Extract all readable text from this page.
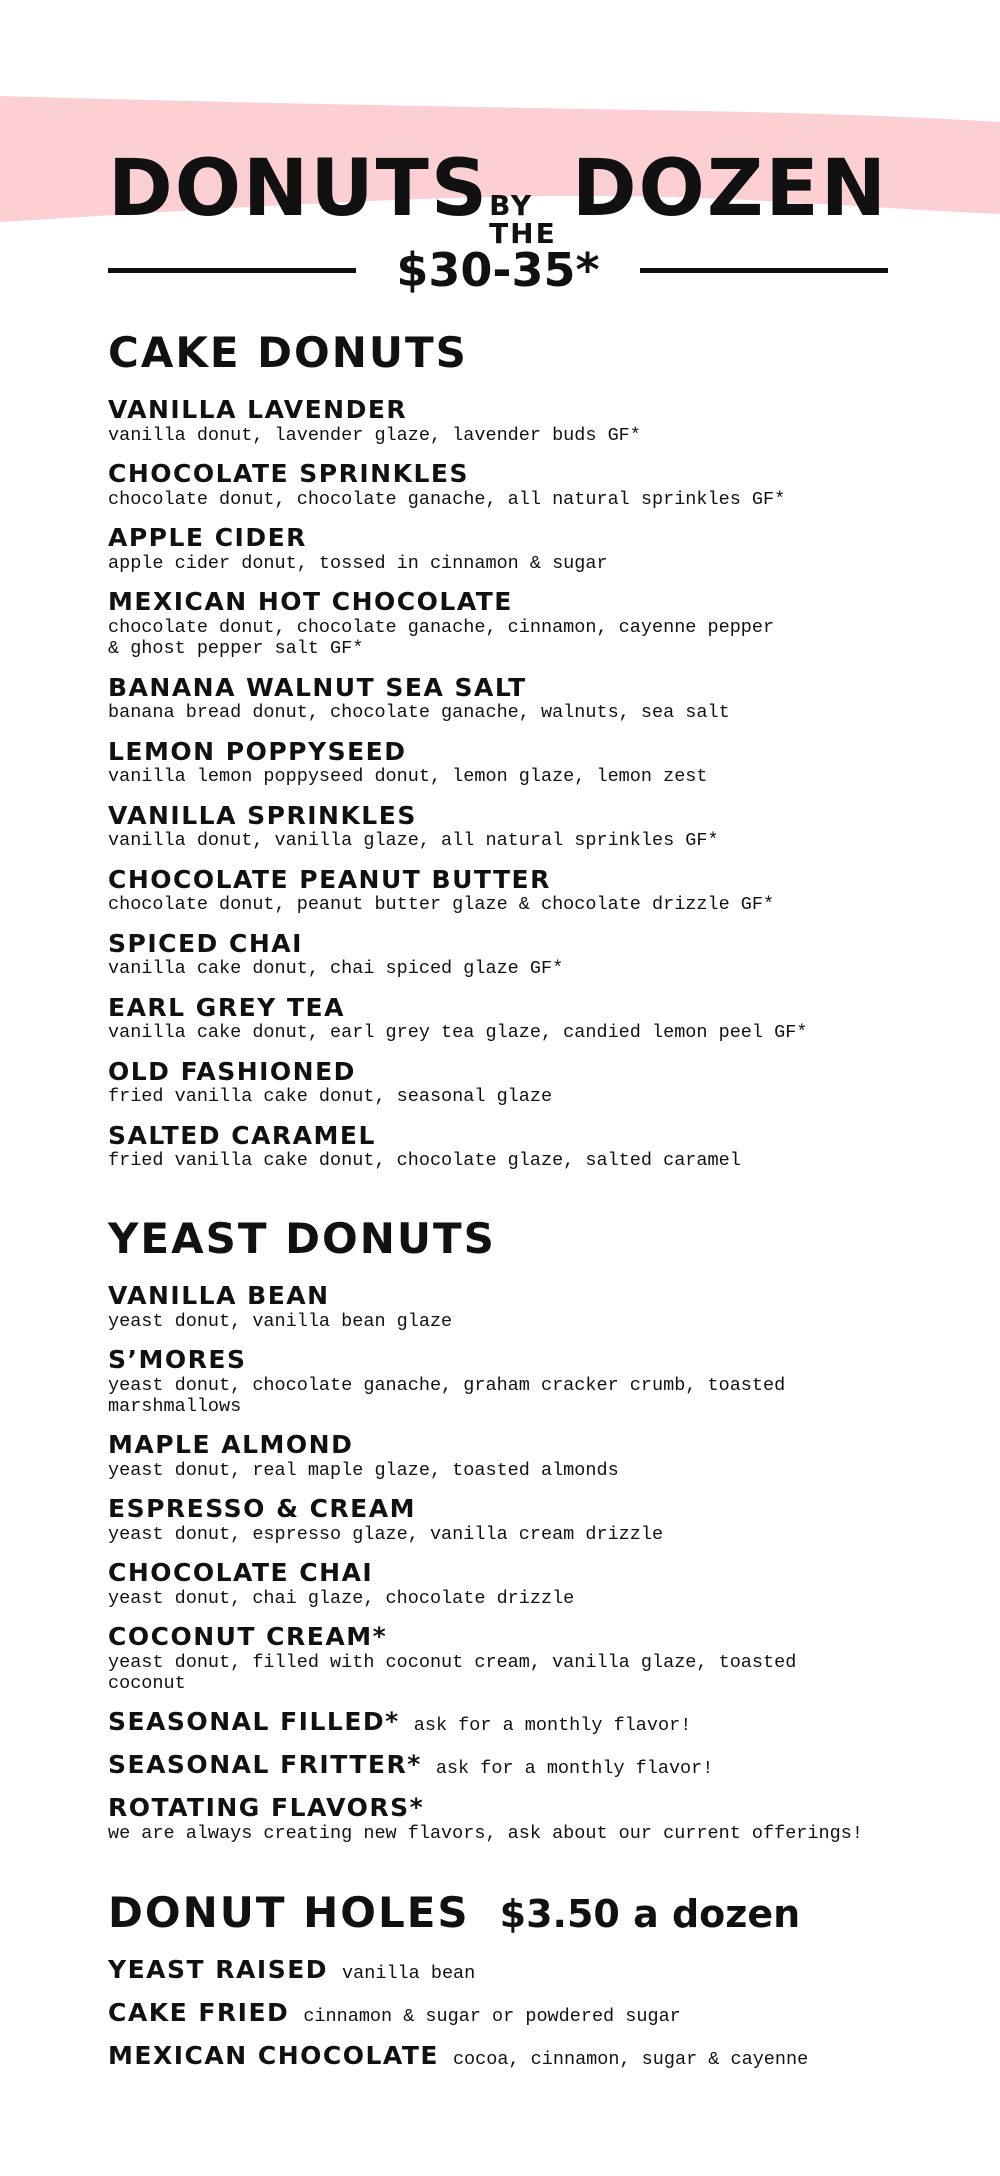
DONUTS BY THE DOZEN
$30-35*
CAKE DONUTS
VANILLA LAVENDER
vanilla donut, lavender glaze, lavender buds GF*
CHOCOLATE SPRINKLES
chocolate donut, chocolate ganache, all natural sprinkles GF*
APPLE CIDER
apple cider donut, tossed in cinnamon & sugar
MEXICAN HOT CHOCOLATE
chocolate donut, chocolate ganache, cinnamon, cayenne pepper
& ghost pepper salt GF*
BANANA WALNUT SEA SALT
banana bread donut, chocolate ganache, walnuts, sea salt
LEMON POPPYSEED
vanilla lemon poppyseed donut, lemon glaze, lemon zest
VANILLA SPRINKLES
vanilla donut, vanilla glaze, all natural sprinkles GF*
CHOCOLATE PEANUT BUTTER
chocolate donut, peanut butter glaze & chocolate drizzle GF*
SPICED CHAI
vanilla cake donut, chai spiced glaze GF*
EARL GREY TEA
vanilla cake donut, earl grey tea glaze, candied lemon peel GF*
OLD FASHIONED
fried vanilla cake donut, seasonal glaze
SALTED CARAMEL
fried vanilla cake donut, chocolate glaze, salted caramel
YEAST DONUTS
VANILLA BEAN
yeast donut, vanilla bean glaze
S’MORES
yeast donut, chocolate ganache, graham cracker crumb, toasted
marshmallows
MAPLE ALMOND
yeast donut, real maple glaze, toasted almonds
ESPRESSO & CREAM
yeast donut, espresso glaze, vanilla cream drizzle
CHOCOLATE CHAI
yeast donut, chai glaze, chocolate drizzle
COCONUT CREAM*
yeast donut, filled with coconut cream, vanilla glaze, toasted
coconut
SEASONAL FILLED* ask for a monthly flavor!
SEASONAL FRITTER* ask for a monthly flavor!
ROTATING FLAVORS*
we are always creating new flavors, ask about our current offerings!
DONUT HOLES $3.50 a dozen
YEAST RAISED vanilla bean
CAKE FRIED cinnamon & sugar or powdered sugar
MEXICAN CHOCOLATE cocoa, cinnamon, sugar & cayenne
